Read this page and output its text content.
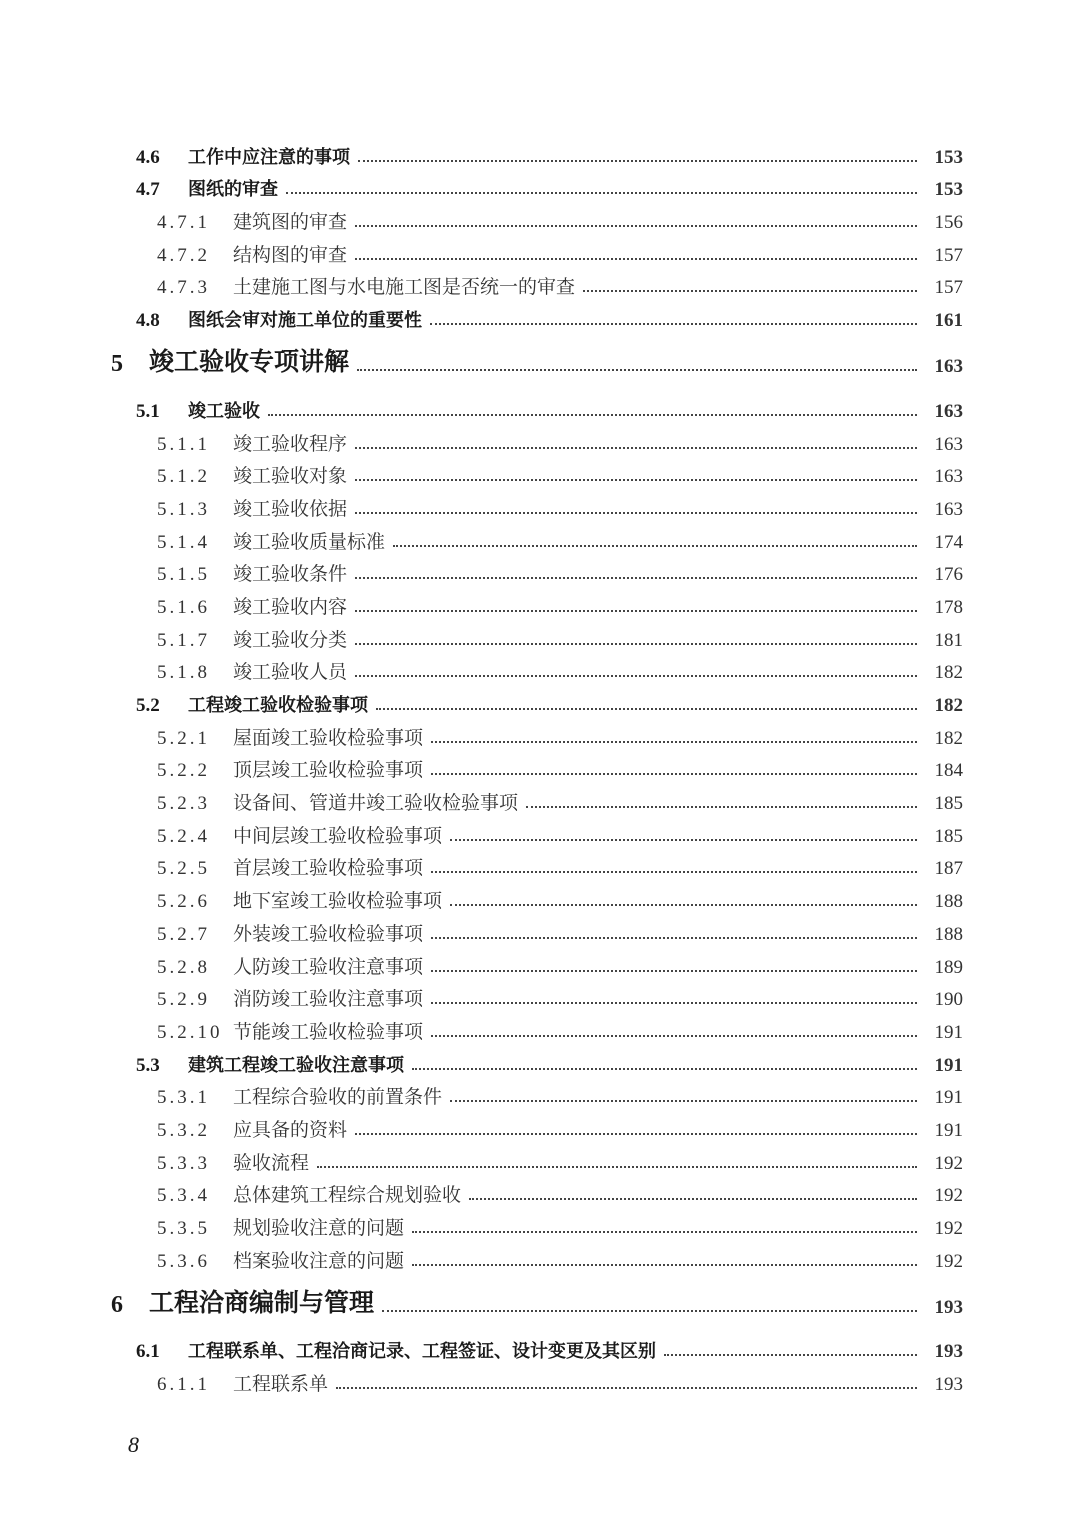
4.6	工作中应注意的事项	153
4.7	图纸的审查	153
4.7.1 建筑图的审查	156
4.7.2 结构图的审查	157
4.7.3 土建施工图与水电施工图是否统一的审查	157
4.8	图纸会审对施工单位的重要性	161
5	竣工验收专项讲解	163
5.1	竣工验收	163
5.1.1 竣工验收程序	163
5.1.2 竣工验收对象	163
5.1.3 竣工验收依据	163
5.1.4 竣工验收质量标准	174
5.1.5 竣工验收条件	176
5.1.6 竣工验收内容	178
5.1.7 竣工验收分类	181
5.1.8 竣工验收人员	182
5.2	工程竣工验收检验事项	182
5.2.1 屋面竣工验收检验事项	182
5.2.2 顶层竣工验收检验事项	184
5.2.3 设备间、管道井竣工验收检验事项	185
5.2.4 中间层竣工验收检验事项	185
5.2.5 首层竣工验收检验事项	187
5.2.6 地下室竣工验收检验事项	188
5.2.7 外装竣工验收检验事项	188
5.2.8 人防竣工验收注意事项	189
5.2.9 消防竣工验收注意事项	190
5.2.10 节能竣工验收检验事项	191
5.3	建筑工程竣工验收注意事项	191
5.3.1 工程综合验收的前置条件	191
5.3.2 应具备的资料	191
5.3.3 验收流程	192
5.3.4 总体建筑工程综合规划验收	192
5.3.5 规划验收注意的问题	192
5.3.6 档案验收注意的问题	192
6	工程洽商编制与管理	193
6.1	工程联系单、工程洽商记录、工程签证、设计变更及其区别	193
6.1.1 工程联系单	193
8
